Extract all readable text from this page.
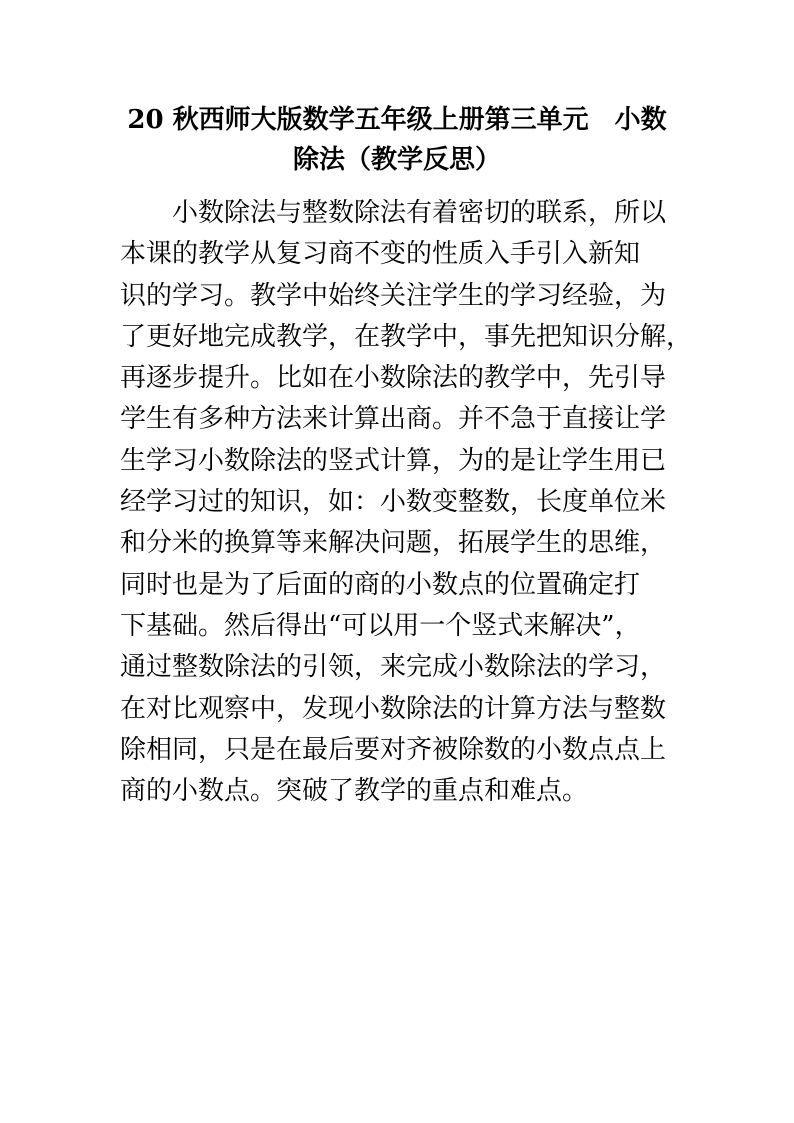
20 秋西师大版数学五年级上册第三单元　小数
除法（教学反思）
小数除法与整数除法有着密切的联系，所以
本课的教学从复习商不变的性质入手引入新知
识的学习。教学中始终关注学生的学习经验，为
了更好地完成教学，在教学中，事先把知识分解，
再逐步提升。比如在小数除法的教学中，先引导
学生有多种方法来计算出商。并不急于直接让学
生学习小数除法的竖式计算，为的是让学生用已
经学习过的知识，如：小数变整数，长度单位米
和分米的换算等来解决问题，拓展学生的思维，
同时也是为了后面的商的小数点的位置确定打
下基础。然后得出“可以用一个竖式来解决”，
通过整数除法的引领，来完成小数除法的学习，
在对比观察中，发现小数除法的计算方法与整数
除相同，只是在最后要对齐被除数的小数点点上
商的小数点。突破了教学的重点和难点。
